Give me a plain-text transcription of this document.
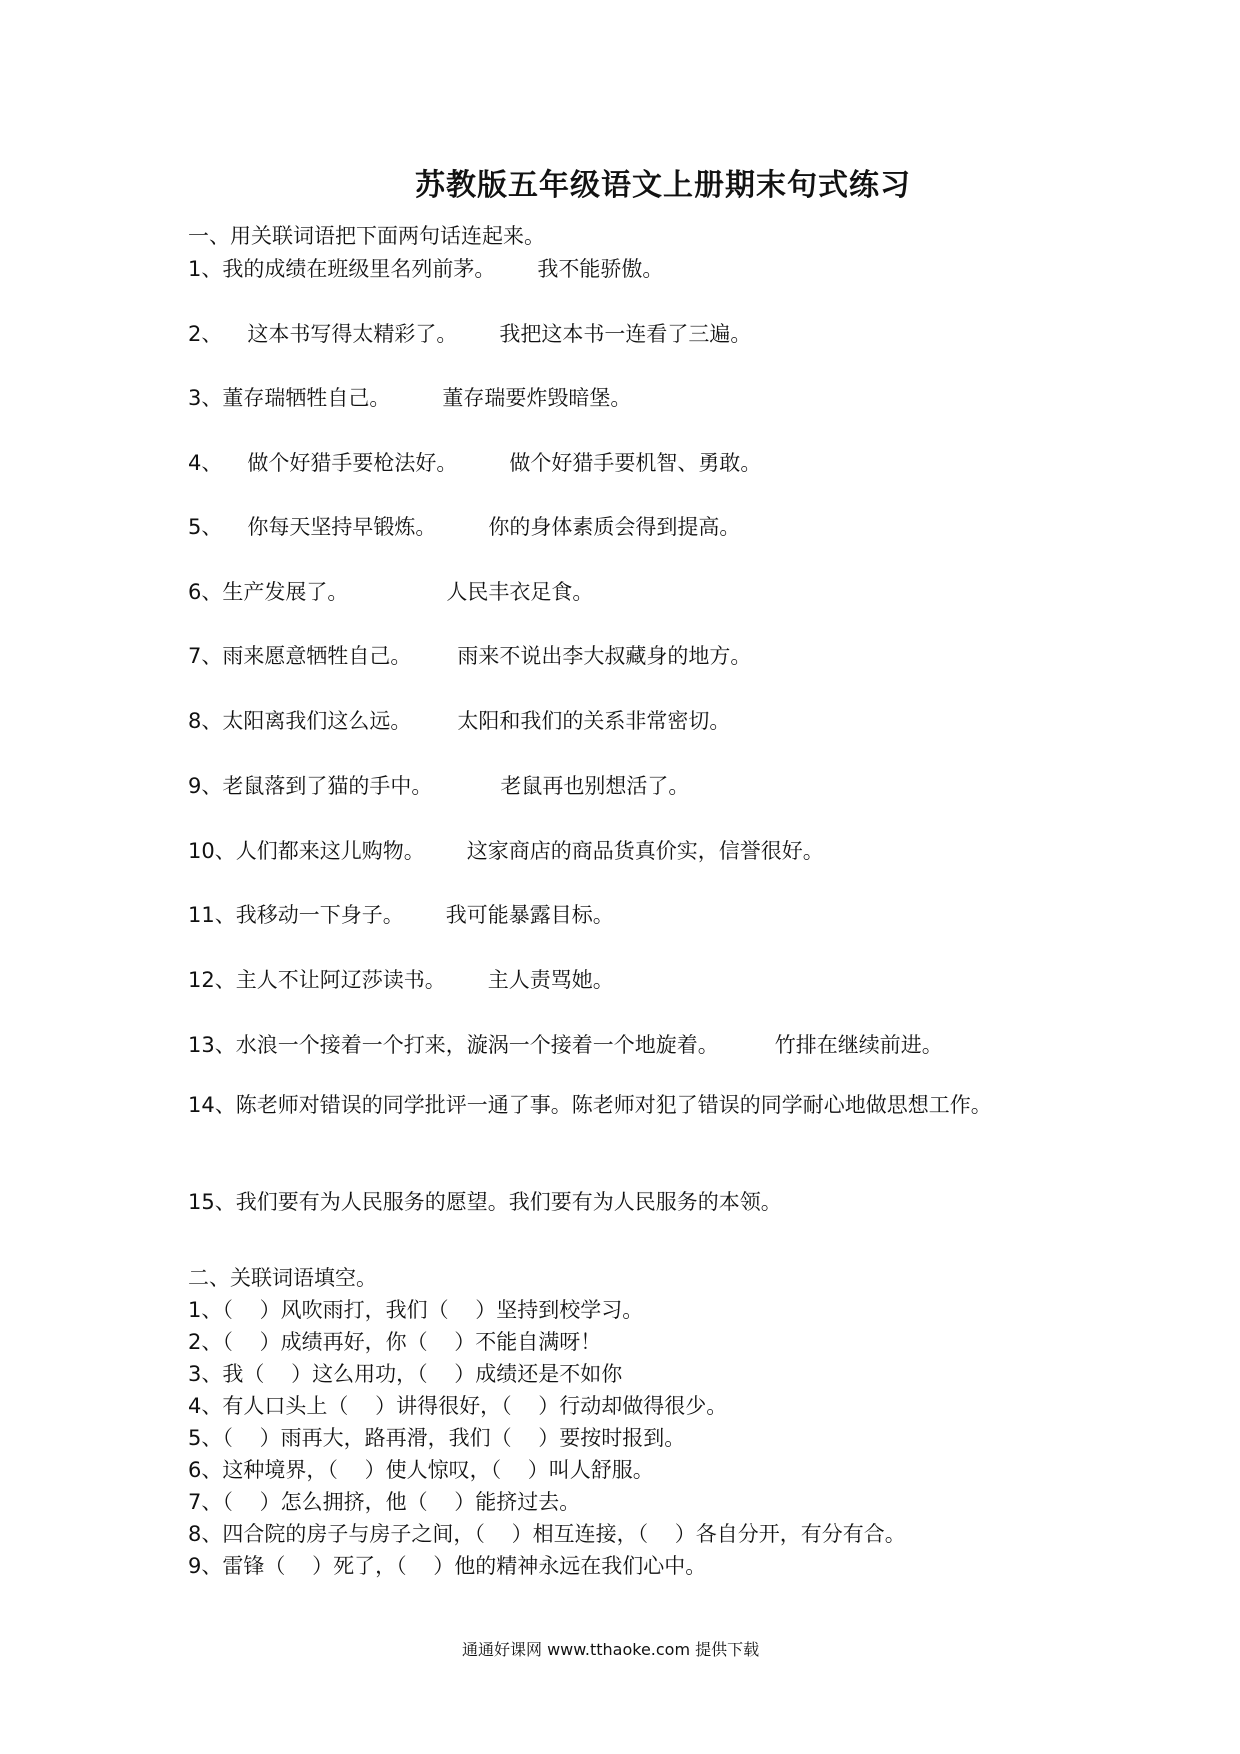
苏教版五年级语文上册期末句式练习
一、用关联词语把下面两句话连起来。
1、我的成绩在班级里名列前茅。 我不能骄傲。
2、 这本书写得太精彩了。 我把这本书一连看了三遍。
3、董存瑞牺牲自己。 董存瑞要炸毁暗堡。
4、 做个好猎手要枪法好。 做个好猎手要机智、勇敢。
5、 你每天坚持早锻炼。 你的身体素质会得到提高。
6、生产发展了。	人民丰衣足食。
7、雨来愿意牺牲自己。 雨来不说出李大叔藏身的地方。
8、太阳离我们这么远。 太阳和我们的关系非常密切。
9、老鼠落到了猫的手中。	老鼠再也别想活了。
10、人们都来这儿购物。 这家商店的商品货真价实，信誉很好。
11、我移动一下身子。 我可能暴露目标。
12、主人不让阿辽莎读书。 主人责骂她。
13、水浪一个接着一个打来，漩涡一个接着一个地旋着。	竹排在继续前进。
14、陈老师对错误的同学批评一通了事。陈老师对犯了错误的同学耐心地做思想工作。
15、我们要有为人民服务的愿望。我们要有为人民服务的本领。
二、关联词语填空。
1、（ ）风吹雨打，我们（ ）坚持到校学习。
2、（ ）成绩再好，你（ ）不能自满呀！
3、我（ ）这么用功，（ ）成绩还是不如你
4、有人口头上（ ）讲得很好，（ ）行动却做得很少。
5、（ ）雨再大，路再滑，我们（ ）要按时报到。
6、这种境界，（ ）使人惊叹，（ ）叫人舒服。
7、（ ）怎么拥挤，他（ ）能挤过去。
8、四合院的房子与房子之间，（ ）相互连接，（ ）各自分开，有分有合。
9、雷锋（ ）死了，（ ）他的精神永远在我们心中。
通通好课网 www.tthaoke.com 提供下载
